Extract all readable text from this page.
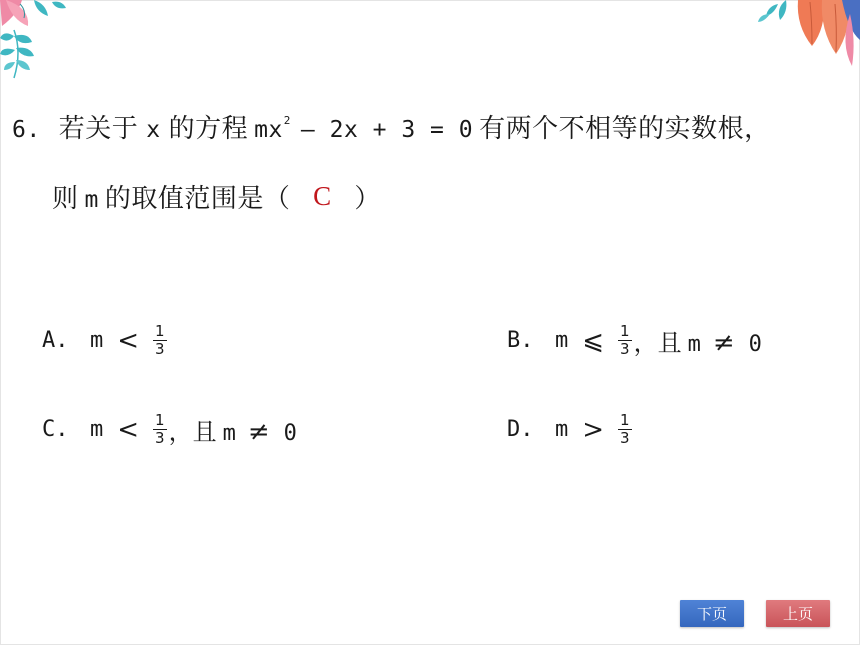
6. 若关于 x 的方程 $mx^2 - 2x + 3 = 0$ 有两个不相等的实数根，
则 m 的取值范围是（ C ）
A. $m < \frac{1}{3}$	B. m ⩽ $\frac{1}{3}$ ，且 m ≠ 0
C. $m < \frac{1}{3}$ ，且 m ≠ 0	D. $m > \frac{1}{3}$
下页	上页
